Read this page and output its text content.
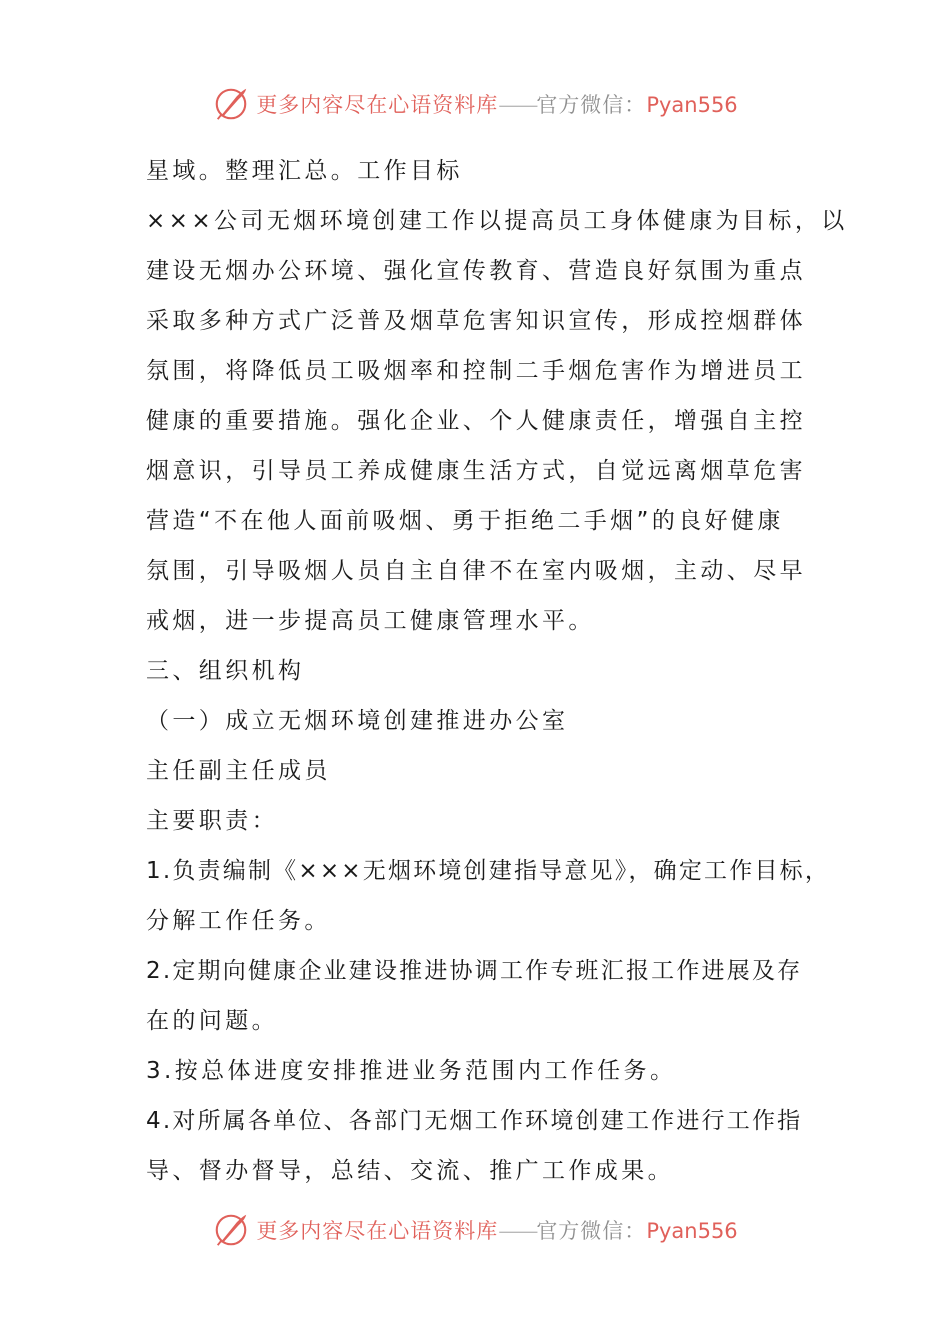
更多内容尽在心语资料库——官方微信：Pyan556
星域。整理汇总。工作目标
×××公司无烟环境创建工作以提高员工身体健康为目标，以
建设无烟办公环境、强化宣传教育、营造良好氛围为重点
采取多种方式广泛普及烟草危害知识宣传，形成控烟群体
氛围，将降低员工吸烟率和控制二手烟危害作为增进员工
健康的重要措施。强化企业、个人健康责任，增强自主控
烟意识，引导员工养成健康生活方式，自觉远离烟草危害
营造“不在他人面前吸烟、勇于拒绝二手烟”的良好健康
氛围，引导吸烟人员自主自律不在室内吸烟，主动、尽早
戒烟，进一步提高员工健康管理水平。
三、组织机构
（一）成立无烟环境创建推进办公室
主任副主任成员
主要职责：
1.负责编制《×××无烟环境创建指导意见》，确定工作目标，
分解工作任务。
2.定期向健康企业建设推进协调工作专班汇报工作进展及存
在的问题。
3.按总体进度安排推进业务范围内工作任务。
4.对所属各单位、各部门无烟工作环境创建工作进行工作指
导、督办督导，总结、交流、推广工作成果。
更多内容尽在心语资料库——官方微信：Pyan556
